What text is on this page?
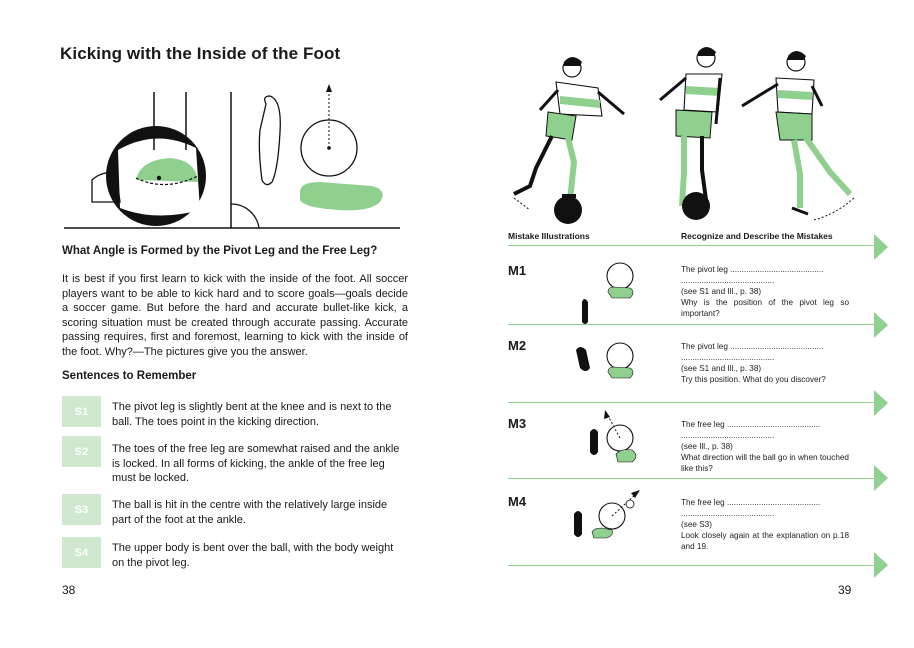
Kicking with the Inside of the Foot
What Angle is Formed by the Pivot Leg and the Free Leg?
It is best if you first learn to kick with the inside of the foot. All soccer players want to be able to kick hard and to score goals—goals decide a soccer game. But before the hard and accurate bullet-like kick, a scoring situation must be created through accurate passing. Accurate passing requires, first and foremost, learning to kick with the inside of the foot. Why?—The pictures give you the answer.
Sentences to Remember
S1	The pivot leg is slightly bent at the knee and is next to the ball. The toes point in the kicking direction.
S2	The toes of the free leg are somewhat raised and the ankle is locked. In all forms of kicking, the ankle of the free leg must be locked.
S3	The ball is hit in the centre with the relatively large inside part of the foot at the ankle.
S4	The upper body is bent over the ball, with the body weight on the pivot leg.
38
Mistake Illustrations	Recognize and Describe the Mistakes
M1	The pivot leg .........................................
.........................................
(see S1 and Ill., p. 38)
Why is the position of the pivot leg so important?
M2	The pivot leg .........................................
.........................................
(see S1 and Ill., p. 38)
Try this position. What do you discover?
M3	The free leg .........................................
.........................................
(see Ill., p. 38)
What direction will the ball go in when touched like this?
M4	The free leg .........................................
.........................................
(see S3)
Look closely again at the explanation on p.18 and 19.
39
